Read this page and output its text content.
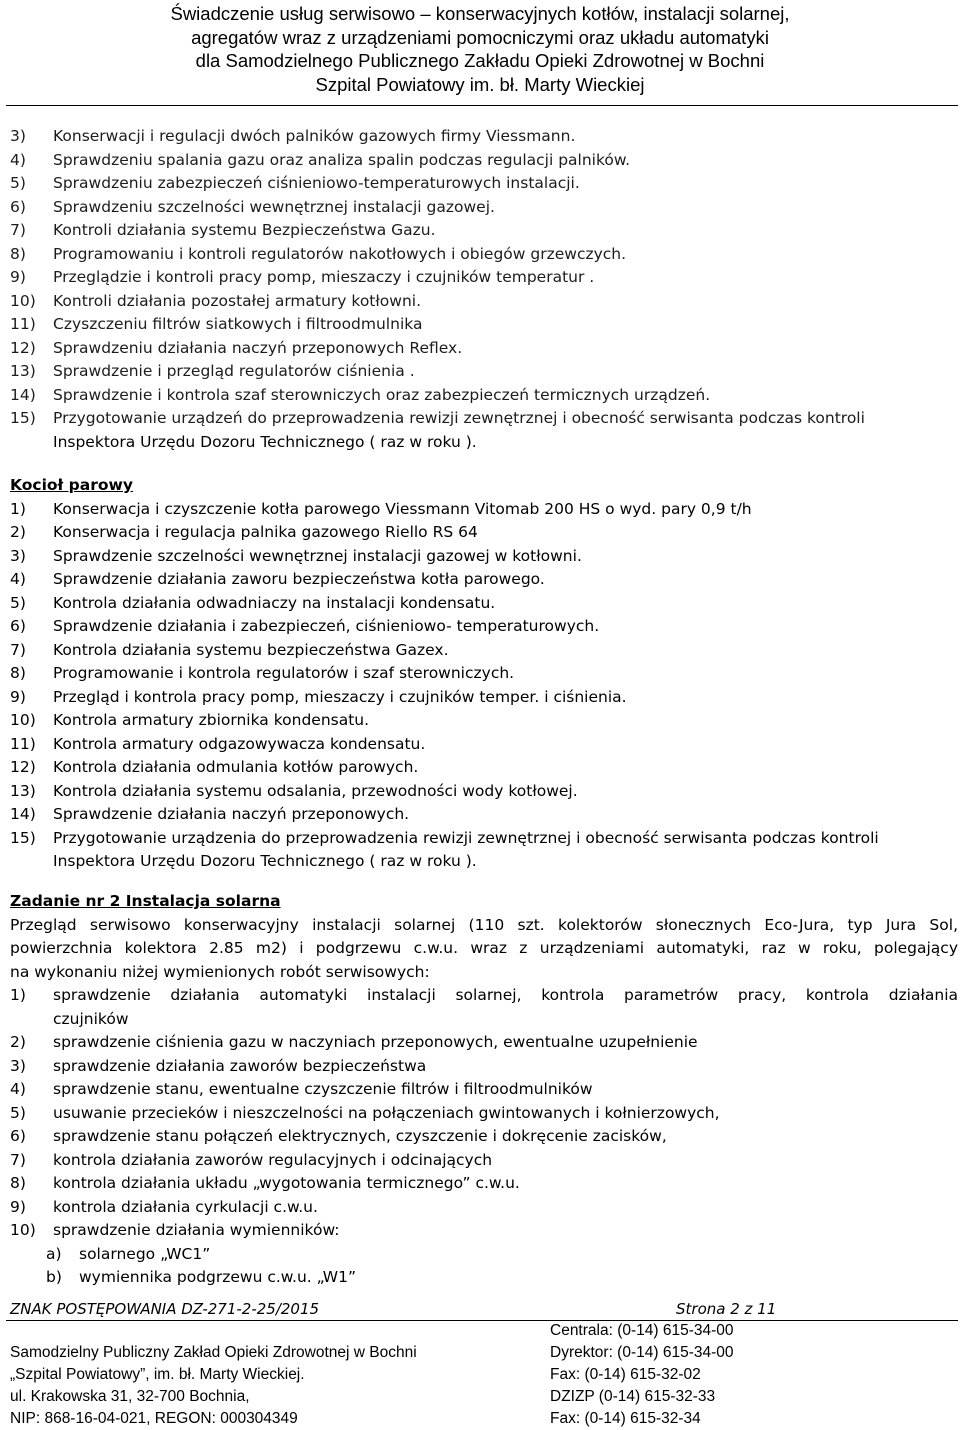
Świadczenie usług serwisowo – konserwacyjnych kotłów, instalacji solarnej,
agregatów wraz z urządzeniami pomocniczymi oraz układu automatyki
dla Samodzielnego Publicznego Zakładu Opieki Zdrowotnej w Bochni
Szpital Powiatowy im. bł. Marty Wieckiej
3)	Konserwacji i regulacji dwóch palników gazowych firmy Viessmann.
4)	Sprawdzeniu spalania gazu oraz analiza spalin podczas regulacji palników.
5)	Sprawdzeniu zabezpieczeń ciśnieniowo-temperaturowych instalacji.
6)	Sprawdzeniu szczelności wewnętrznej instalacji gazowej.
7)	Kontroli działania systemu Bezpieczeństwa Gazu.
8)	Programowaniu i kontroli regulatorów nakotłowych i obiegów grzewczych.
9)	Przeglądzie i kontroli pracy pomp, mieszaczy i czujników temperatur .
10)	Kontroli działania pozostałej armatury kotłowni.
11)	Czyszczeniu filtrów siatkowych i filtroodmulnika
12)	Sprawdzeniu działania naczyń przeponowych Reflex.
13)	Sprawdzenie i przegląd regulatorów ciśnienia .
14)	Sprawdzenie i kontrola szaf sterowniczych oraz zabezpieczeń termicznych urządzeń.
15)	Przygotowanie urządzeń do przeprowadzenia rewizji zewnętrznej i obecność serwisanta podczas kontroli
Inspektora Urzędu Dozoru Technicznego ( raz w roku ).
Kocioł parowy
1)	Konserwacja i czyszczenie kotła parowego Viessmann Vitomab 200 HS o wyd. pary 0,9 t/h
2)	Konserwacja i regulacja palnika gazowego Riello RS 64
3)	Sprawdzenie szczelności wewnętrznej instalacji gazowej w kotłowni.
4)	Sprawdzenie działania zaworu bezpieczeństwa kotła parowego.
5)	Kontrola działania odwadniaczy na instalacji kondensatu.
6)	Sprawdzenie działania i zabezpieczeń, ciśnieniowo- temperaturowych.
7)	Kontrola działania systemu bezpieczeństwa Gazex.
8)	Programowanie i kontrola regulatorów i szaf sterowniczych.
9)	Przegląd i kontrola pracy pomp, mieszaczy i czujników temper. i ciśnienia.
10)	Kontrola armatury zbiornika kondensatu.
11)	Kontrola armatury odgazowywacza kondensatu.
12)	Kontrola działania odmulania kotłów parowych.
13)	Kontrola działania systemu odsalania, przewodności wody kotłowej.
14)	Sprawdzenie działania naczyń przeponowych.
15)	Przygotowanie urządzenia do przeprowadzenia rewizji zewnętrznej i obecność serwisanta podczas kontroli
Inspektora Urzędu Dozoru Technicznego ( raz w roku ).
Zadanie nr 2 Instalacja solarna
Przegląd serwisowo konserwacyjny instalacji solarnej (110 szt. kolektorów słonecznych Eco-Jura, typ Jura Sol,
powierzchnia kolektora 2.85 m2) i podgrzewu c.w.u. wraz z urządzeniami automatyki, raz w roku, polegający
na wykonaniu niżej wymienionych robót serwisowych:
1)	sprawdzenie działania automatyki instalacji solarnej, kontrola parametrów pracy, kontrola działania
czujników
2)	sprawdzenie ciśnienia gazu w naczyniach przeponowych, ewentualne uzupełnienie
3)	sprawdzenie działania zaworów bezpieczeństwa
4)	sprawdzenie stanu, ewentualne czyszczenie filtrów i filtroodmulników
5)	usuwanie przecieków i nieszczelności na połączeniach gwintowanych i kołnierzowych,
6)	sprawdzenie stanu połączeń elektrycznych, czyszczenie i dokręcenie zacisków,
7)	kontrola działania zaworów regulacyjnych i odcinających
8)	kontrola działania układu „wygotowania termicznego” c.w.u.
9)	kontrola działania cyrkulacji c.w.u.
10)	sprawdzenie działania wymienników:
a)	solarnego „WC1”
b)	wymiennika podgrzewu c.w.u. „W1”
ZNAK POSTĘPOWANIA DZ-271-2-25/2015	Strona 2 z 11
Samodzielny Publiczny Zakład Opieki Zdrowotnej w Bochni
„Szpital Powiatowy”, im. bł. Marty Wieckiej.
ul. Krakowska 31, 32-700 Bochnia,
NIP: 868-16-04-021, REGON: 000304349
Centrala: (0-14) 615-34-00
Dyrektor: (0-14) 615-34-00
Fax: (0-14) 615-32-02
DZIZP (0-14) 615-32-33
Fax: (0-14) 615-32-34
